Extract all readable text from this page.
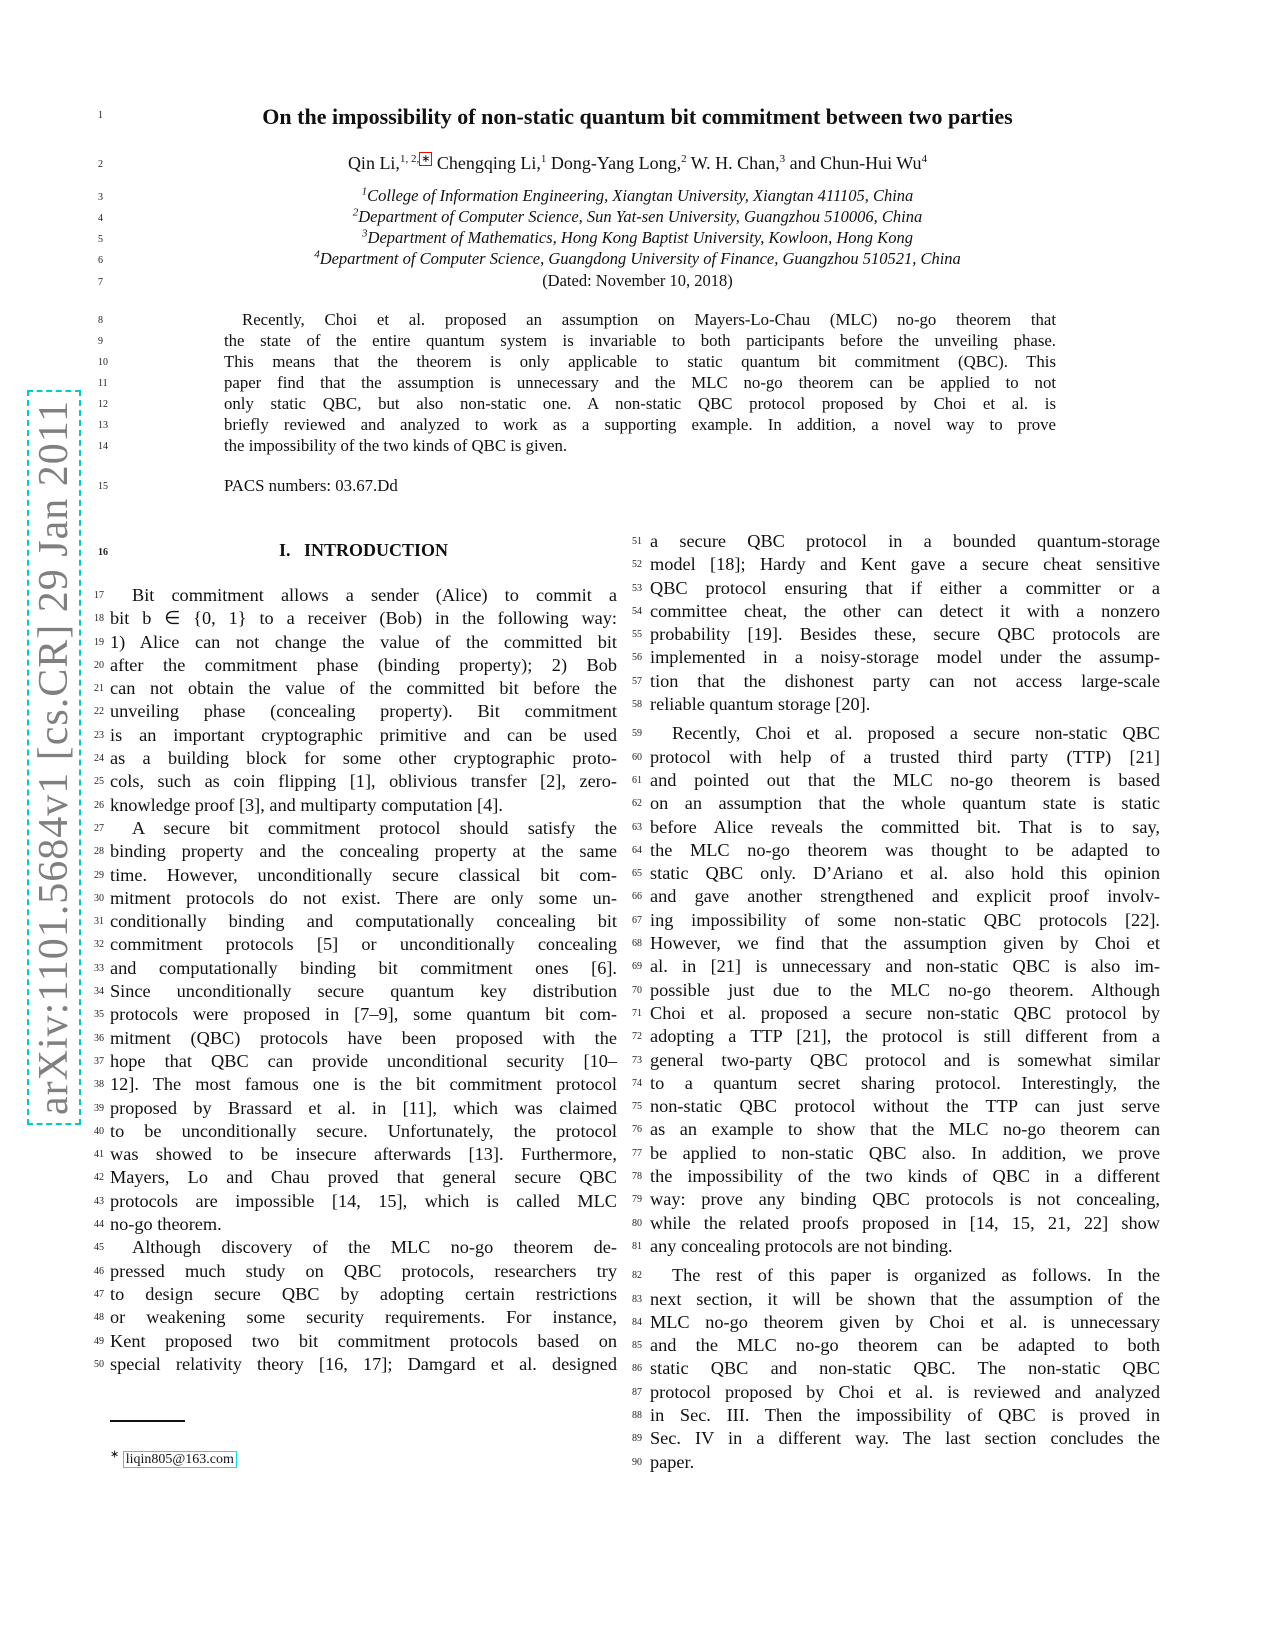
arXiv:1101.5684v1 [cs.CR] 29 Jan 2011
1	On the impossibility of non-static quantum bit commitment between two parties
2	Qin Li,$^{1, 2,}$ ∗ Chengqing Li,$^1$ Dong-Yang Long,$^2$ W. H. Chan,$^3$ and Chun-Hui Wu$^4$
3	$^1$College of Information Engineering, Xiangtan University, Xiangtan 411105, China
4	$^2$Department of Computer Science, Sun Yat-sen University, Guangzhou 510006, China
5	$^3$Department of Mathematics, Hong Kong Baptist University, Kowloon, Hong Kong
6	$^4$Department of Computer Science, Guangdong University of Finance, Guangzhou 510521, China
7	(Dated: November 10, 2018)
8	Recently, Choi et al. proposed an assumption on Mayers-Lo-Chau (MLC) no-go theorem that
9	the state of the entire quantum system is invariable to both participants before the unveiling phase.
10	This means that the theorem is only applicable to static quantum bit commitment (QBC). This
11	paper find that the assumption is unnecessary and the MLC no-go theorem can be applied to not
12	only static QBC, but also non-static one. A non-static QBC protocol proposed by Choi et al. is
13	briefly reviewed and analyzed to work as a supporting example. In addition, a novel way to prove
14	the impossibility of the two kinds of QBC is given.
15	PACS numbers: 03.67.Dd
16	I. INTRODUCTION
17 Bit commitment allows a sender (Alice) to commit a
18 bit b ∈ {0, 1} to a receiver (Bob) in the following way:
19 1) Alice can not change the value of the committed bit
20 after the commitment phase (binding property); 2) Bob
21 can not obtain the value of the committed bit before the
22 unveiling phase (concealing property). Bit commitment
23 is an important cryptographic primitive and can be used
24 as a building block for some other cryptographic proto-
25 cols, such as coin flipping [1], oblivious transfer [2], zero-
26 knowledge proof [3], and multiparty computation [4].
27 A secure bit commitment protocol should satisfy the
28 binding property and the concealing property at the same
29 time. However, unconditionally secure classical bit com-
30 mitment protocols do not exist. There are only some un-
31 conditionally binding and computationally concealing bit
32 commitment protocols [5] or unconditionally concealing
33 and computationally binding bit commitment ones [6].
34 Since unconditionally secure quantum key distribution
35 protocols were proposed in [7–9], some quantum bit com-
36 mitment (QBC) protocols have been proposed with the
37 hope that QBC can provide unconditional security [10–
38 12]. The most famous one is the bit commitment protocol
39 proposed by Brassard et al. in [11], which was claimed
40 to be unconditionally secure. Unfortunately, the protocol
41 was showed to be insecure afterwards [13]. Furthermore,
42 Mayers, Lo and Chau proved that general secure QBC
43 protocols are impossible [14, 15], which is called MLC
44 no-go theorem.
45 Although discovery of the MLC no-go theorem de-
46 pressed much study on QBC protocols, researchers try
47 to design secure QBC by adopting certain restrictions
48 or weakening some security requirements. For instance,
49 Kent proposed two bit commitment protocols based on
50 special relativity theory [16, 17]; Damgard et al. designed
51 a secure QBC protocol in a bounded quantum-storage
52 model [18]; Hardy and Kent gave a secure cheat sensitive
53 QBC protocol ensuring that if either a committer or a
54 committee cheat, the other can detect it with a nonzero
55 probability [19]. Besides these, secure QBC protocols are
56 implemented in a noisy-storage model under the assump-
57 tion that the dishonest party can not access large-scale
58 reliable quantum storage [20].
59 Recently, Choi et al. proposed a secure non-static QBC
60 protocol with help of a trusted third party (TTP) [21]
61 and pointed out that the MLC no-go theorem is based
62 on an assumption that the whole quantum state is static
63 before Alice reveals the committed bit. That is to say,
64 the MLC no-go theorem was thought to be adapted to
65 static QBC only. D’Ariano et al. also hold this opinion
66 and gave another strengthened and explicit proof involv-
67 ing impossibility of some non-static QBC protocols [22].
68 However, we find that the assumption given by Choi et
69 al. in [21] is unnecessary and non-static QBC is also im-
70 possible just due to the MLC no-go theorem. Although
71 Choi et al. proposed a secure non-static QBC protocol by
72 adopting a TTP [21], the protocol is still different from a
73 general two-party QBC protocol and is somewhat similar
74 to a quantum secret sharing protocol. Interestingly, the
75 non-static QBC protocol without the TTP can just serve
76 as an example to show that the MLC no-go theorem can
77 be applied to non-static QBC also. In addition, we prove
78 the impossibility of the two kinds of QBC in a different
79 way: prove any binding QBC protocols is not concealing,
80 while the related proofs proposed in [14, 15, 21, 22] show
81 any concealing protocols are not binding.
82 The rest of this paper is organized as follows. In the
83 next section, it will be shown that the assumption of the
84 MLC no-go theorem given by Choi et al. is unnecessary
85 and the MLC no-go theorem can be adapted to both
86 static QBC and non-static QBC. The non-static QBC
87 protocol proposed by Choi et al. is reviewed and analyzed
88 in Sec. III. Then the impossibility of QBC is proved in
89 Sec. IV in a different way. The last section concludes the
90 paper.
∗ liqin805@163.com
